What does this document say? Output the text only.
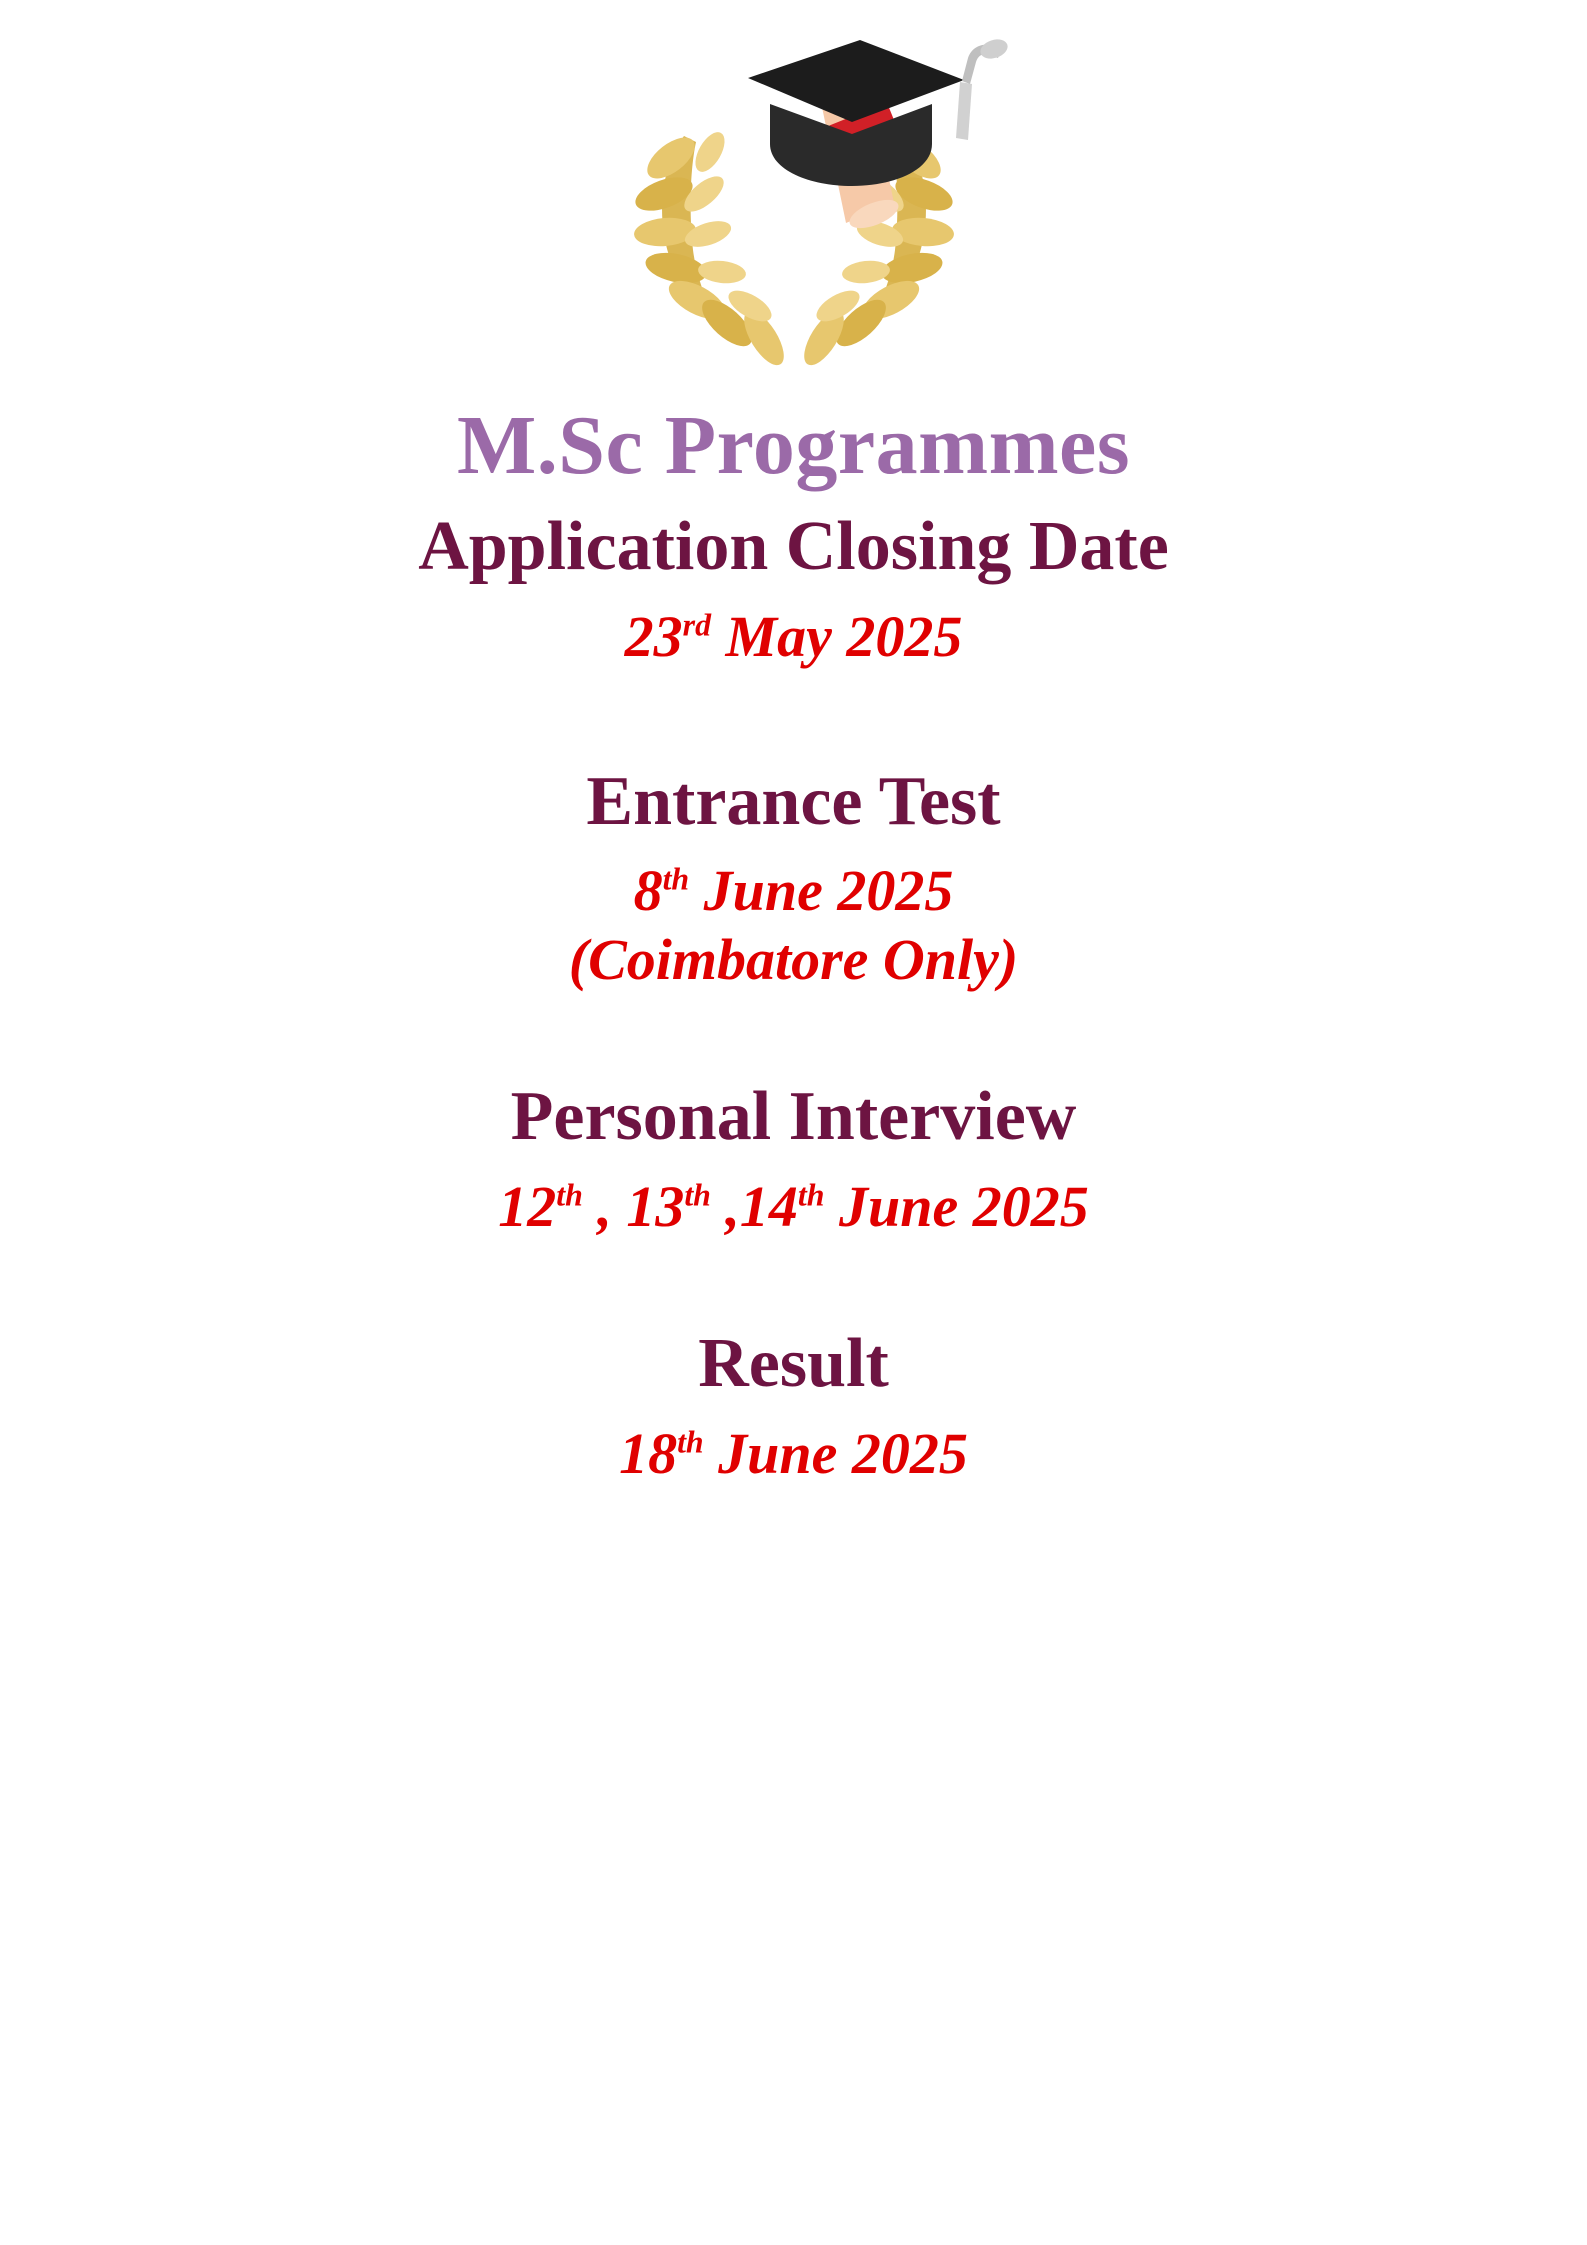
M.Sc Programmes
Application Closing Date
23rd May 2025
Entrance Test
8th June 2025
(Coimbatore Only)
Personal Interview
12th , 13th ,14th June 2025
Result
18th June 2025
